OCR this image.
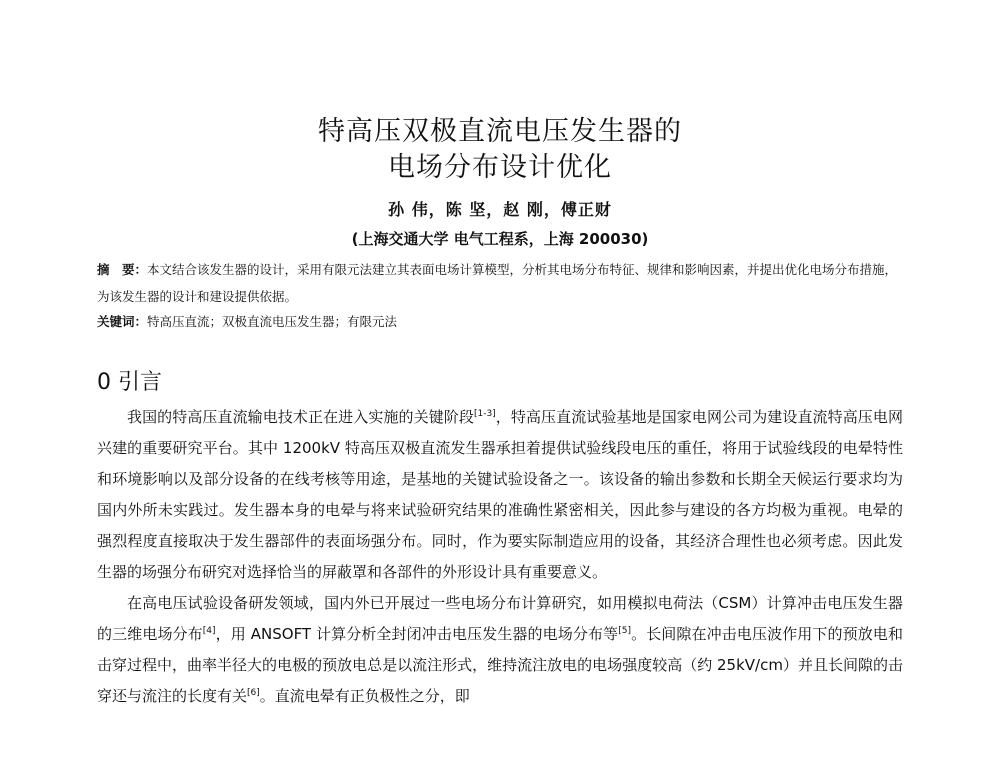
特高压双极直流电压发生器的
电场分布设计优化
孙 伟，陈 坚，赵 刚，傅正财
(上海交通大学 电气工程系，上海 200030)
摘　要：本文结合该发生器的设计，采用有限元法建立其表面电场计算模型，分析其电场分布特征、规律和影响因素，并提出优化电场分布措施，为该发生器的设计和建设提供依据。
关键词：特高压直流；双极直流电压发生器；有限元法
0 引言

我国的特高压直流输电技术正在进入实施的关键阶段[1-3]，特高压直流试验基地是国家电网公司为建设直流特高压电网兴建的重要研究平台。其中 1200kV 特高压双极直流发生器承担着提供试验线段电压的重任，将用于试验线段的电晕特性和环境影响以及部分设备的在线考核等用途，是基地的关键试验设备之一。该设备的输出参数和长期全天候运行要求均为国内外所未实践过。发生器本身的电晕与将来试验研究结果的准确性紧密相关，因此参与建设的各方均极为重视。电晕的强烈程度直接取决于发生器部件的表面场强分布。同时，作为要实际制造应用的设备，其经济合理性也必须考虑。因此发生器的场强分布研究对选择恰当的屏蔽罩和各部件的外形设计具有重要意义。

在高电压试验设备研发领域，国内外已开展过一些电场分布计算研究，如用模拟电荷法（CSM）计算冲击电压发生器的三维电场分布[4]，用 ANSOFT 计算分析全封闭冲击电压发生器的电场分布等[5]。长间隙在冲击电压波作用下的预放电和击穿过程中，曲率半径大的电极的预放电总是以流注形式，维持流注放电的电场强度较高（约 25kV/cm）并且长间隙的击穿还与流注的长度有关[6]。直流电晕有正负极性之分，即
